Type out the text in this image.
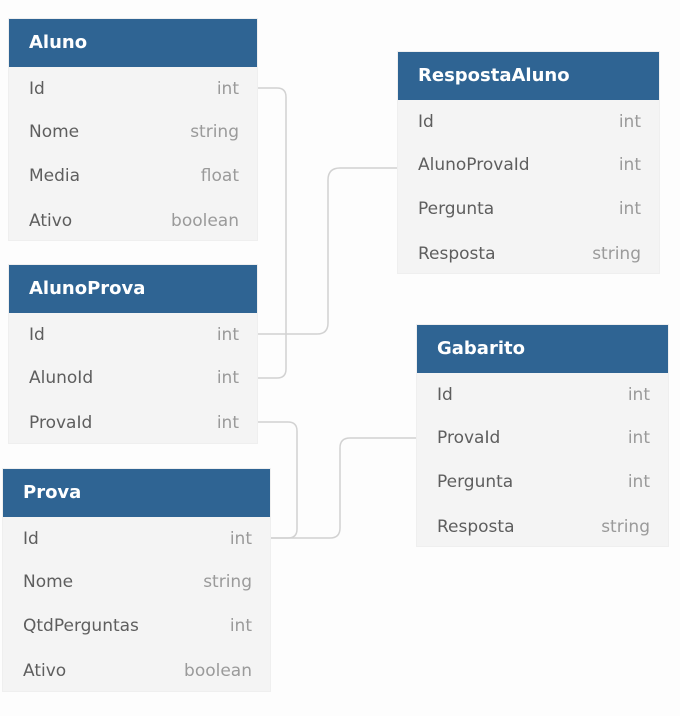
Aluno
Id	int
Nome	string
Media	float
Ativo	boolean
AlunoProva
Id	int
AlunoId	int
ProvaId	int
Prova
Id	int
Nome	string
QtdPerguntas	int
Ativo	boolean
RespostaAluno
Id	int
AlunoProvaId	int
Pergunta	int
Resposta	string
Gabarito
Id	int
ProvaId	int
Pergunta	int
Resposta	string
